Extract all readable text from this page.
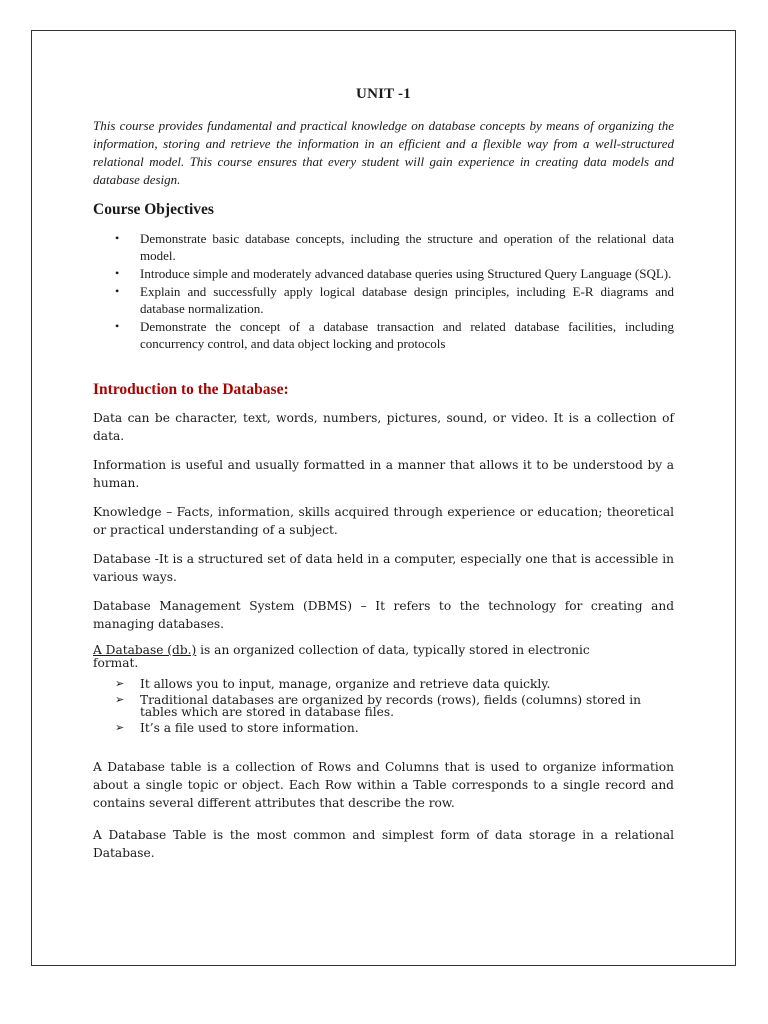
UNIT -1

This course provides fundamental and practical knowledge on database concepts by means of organizing the information, storing and retrieve the information in an efficient and a flexible way from a well-structured relational model. This course ensures that every student will gain experience in creating data models and database design.

Course Objectives
• Demonstrate basic database concepts, including the structure and operation of the relational data model.
• Introduce simple and moderately advanced database queries using Structured Query Language (SQL).
• Explain and successfully apply logical database design principles, including E-R diagrams and database normalization.
• Demonstrate the concept of a database transaction and related database facilities, including concurrency control, and data object locking and protocols
Introduction to the Database:

Data can be character, text, words, numbers, pictures, sound, or video. It is a collection of data.

Information is useful and usually formatted in a manner that allows it to be understood by a human.

Knowledge – Facts, information, skills acquired through experience or education; theoretical or practical understanding of a subject.

Database -It is a structured set of data held in a computer, especially one that is accessible in various ways.

Database Management System (DBMS) – It refers to the technology for creating and managing databases.

A Database (db.) is an organized collection of data, typically stored in electronic format.

➢ It allows you to input, manage, organize and retrieve data quickly.
➢ Traditional databases are organized by records (rows), fields (columns) stored in tables which are stored in database files.
➢ It’s a file used to store information.

A Database table is a collection of Rows and Columns that is used to organize information about a single topic or object. Each Row within a Table corresponds to a single record and contains several different attributes that describe the row.

A Database Table is the most common and simplest form of data storage in a relational Database.
